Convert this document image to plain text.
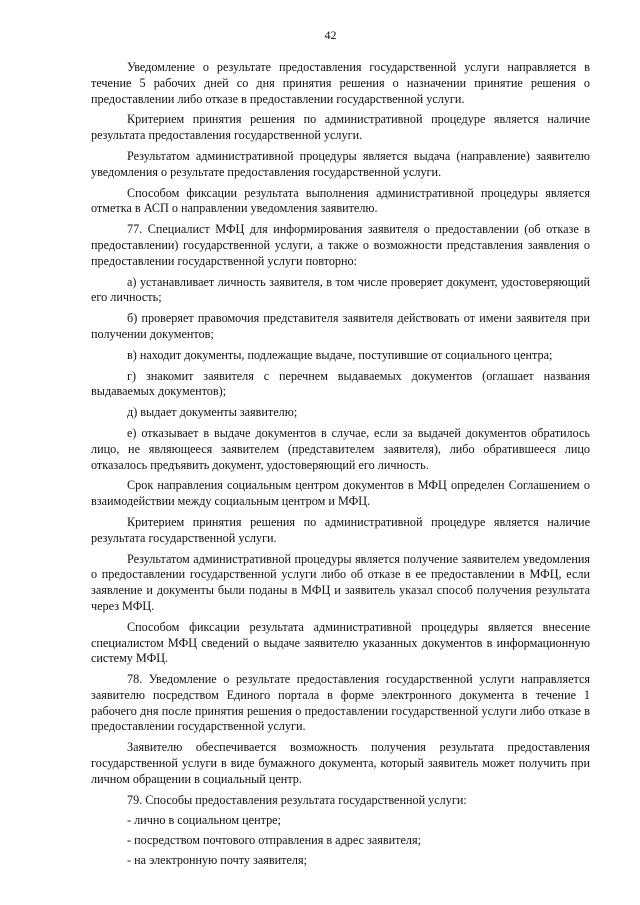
42

Уведомление о результате предоставления государственной услуги направляется в течение 5 рабочих дней со дня принятия решения о назначении принятие решения о предоставлении либо отказе в предоставлении государственной услуги.

Критерием принятия решения по административной процедуре является наличие результата предоставления государственной услуги.

Результатом административной процедуры является выдача (направление) заявителю уведомления о результате предоставления государственной услуги.

Способом фиксации результата выполнения административной процедуры является отметка в АСП о направлении уведомления заявителю.

77. Специалист МФЦ для информирования заявителя о предоставлении (об отказе в предоставлении) государственной услуги, а также о возможности представления заявления о предоставлении государственной услуги повторно:

а) устанавливает личность заявителя, в том числе проверяет документ, удостоверяющий его личность;

б) проверяет правомочия представителя заявителя действовать от имени заявителя при получении документов;

в) находит документы, подлежащие выдаче, поступившие от социального центра;

г) знакомит заявителя с перечнем выдаваемых документов (оглашает названия выдаваемых документов);

д) выдает документы заявителю;

е) отказывает в выдаче документов в случае, если за выдачей документов обратилось лицо, не являющееся заявителем (представителем заявителя), либо обратившееся лицо отказалось предъявить документ, удостоверяющий его личность.

Срок направления социальным центром документов в МФЦ определен Соглашением о взаимодействии между социальным центром и МФЦ.

Критерием принятия решения по административной процедуре является наличие результата государственной услуги.

Результатом административной процедуры является получение заявителем уведомления о предоставлении государственной услуги либо об отказе в ее предоставлении в МФЦ, если заявление и документы были поданы в МФЦ и заявитель указал способ получения результата через МФЦ.

Способом фиксации результата административной процедуры является внесение специалистом МФЦ сведений о выдаче заявителю указанных документов в информационную систему МФЦ.

78. Уведомление о результате предоставления государственной услуги направляется заявителю посредством Единого портала в форме электронного документа в течение 1 рабочего дня после принятия решения о предоставлении государственной услуги либо отказе в предоставлении государственной услуги.

Заявителю обеспечивается возможность получения результата предоставления государственной услуги в виде бумажного документа, который заявитель может получить при личном обращении в социальный центр.

79. Способы предоставления результата государственной услуги:

- лично в социальном центре;

- посредством почтового отправления в адрес заявителя;

- на электронную почту заявителя;
